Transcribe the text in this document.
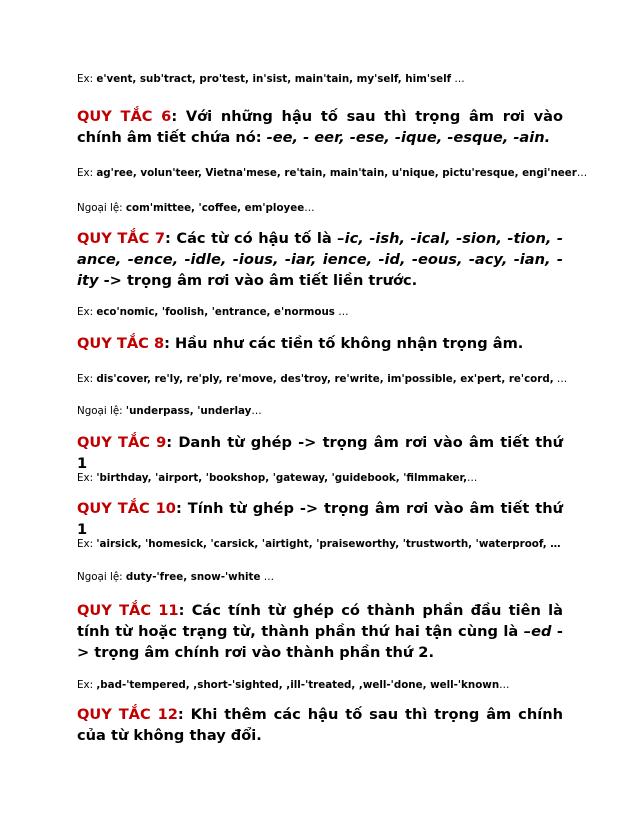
Ex: e'vent, sub'tract, pro'test, in'sist, main'tain, my'self, him'self …
QUY TẮC 6: Với những hậu tố sau thì trọng âm rơi vào chính âm tiết chứa nó: -ee, - eer, -ese, -ique, -esque, -ain.
Ex: ag'ree, volun'teer, Vietna'mese, re'tain, main'tain, u'nique, pictu'resque, engi'neer…
Ngoại lệ: com'mittee, 'coffee, em'ployee…
QUY TẮC 7: Các từ có hậu tố là –ic, -ish, -ical, -sion, -tion, -ance, -ence, -idle, -ious, -iar, ience, -id, -eous, -acy, -ian, -ity -> trọng âm rơi vào âm tiết liền trước.
Ex: eco'nomic, 'foolish, 'entrance, e'normous …
QUY TẮC 8: Hầu như các tiền tố không nhận trọng âm.
Ex: dis'cover, re'ly, re'ply, re'move, des'troy, re'write, im'possible, ex'pert, re'cord, …
Ngoại lệ: 'underpass, 'underlay…
QUY TẮC 9: Danh từ ghép -> trọng âm rơi vào âm tiết thứ 1
Ex: 'birthday, 'airport, 'bookshop, 'gateway, 'guidebook, 'filmmaker,…
QUY TẮC 10: Tính từ ghép -> trọng âm rơi vào âm tiết thứ 1
Ex: 'airsick, 'homesick, 'carsick, 'airtight, 'praiseworthy, 'trustworth, 'waterproof, …
Ngoại lệ: duty-'free, snow-'white …
QUY TẮC 11: Các tính từ ghép có thành phần đầu tiên là tính từ hoặc trạng từ, thành phần thứ hai tận cùng là –ed -> trọng âm chính rơi vào thành phần thứ 2.
Ex: ,bad-'tempered, ,short-'sighted, ,ill-'treated, ,well-'done, well-'known…
QUY TẮC 12: Khi thêm các hậu tố sau thì trọng âm chính của từ không thay đổi.
